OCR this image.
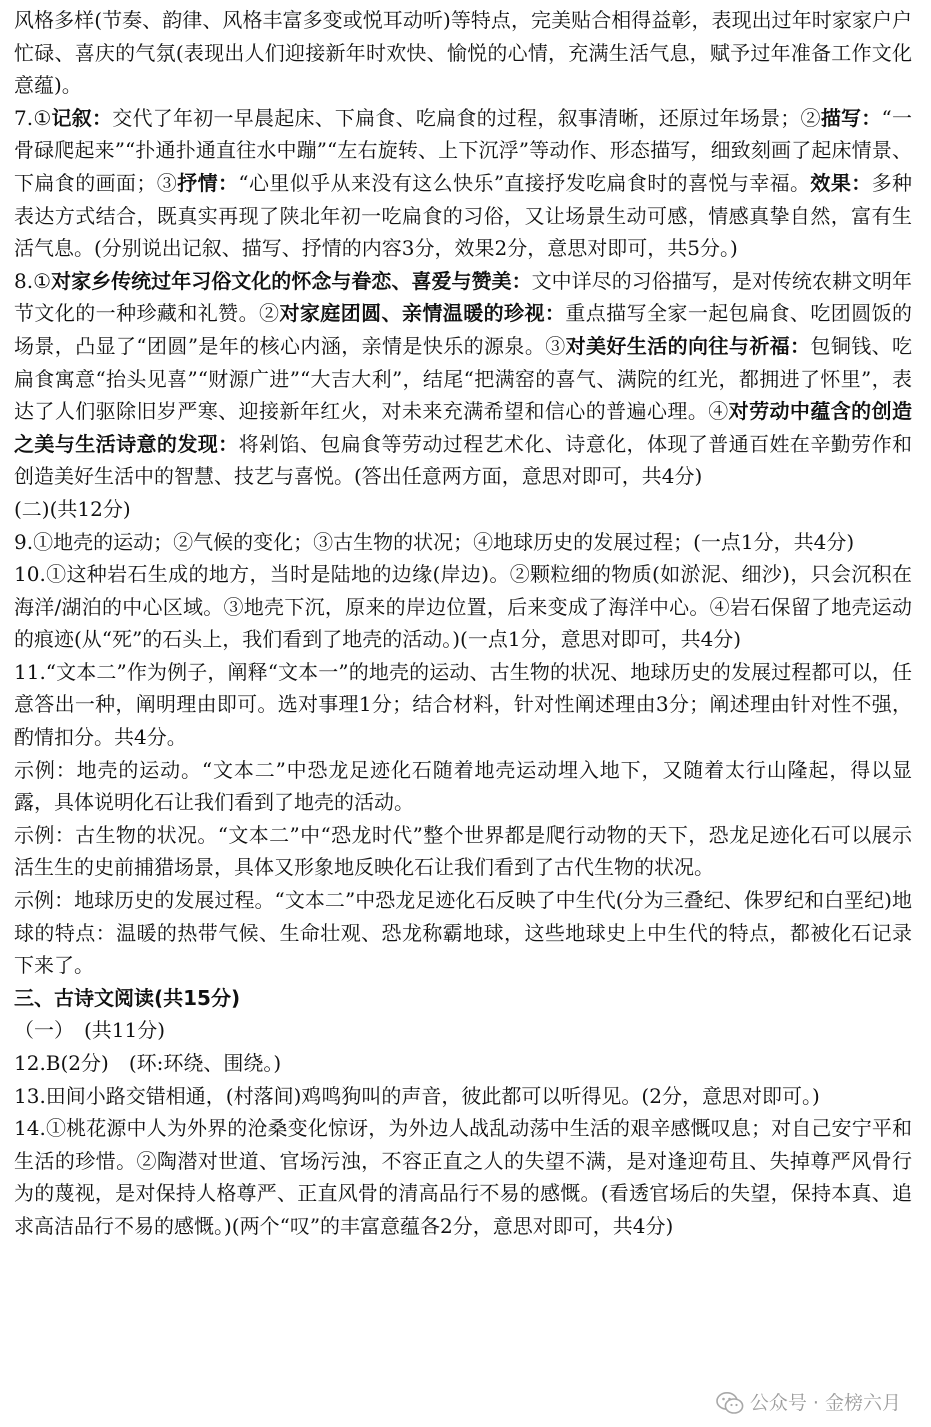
风格多样(节奏、韵律、风格丰富多变或悦耳动听)等特点，完美贴合相得益彰，表现出过年时家家户户忙碌、喜庆的气氛(表现出人们迎接新年时欢快、愉悦的心情，充满生活气息，赋予过年准备工作文化意蕴)。
7.①记叙：交代了年初一早晨起床、下扁食、吃扁食的过程，叙事清晰，还原过年场景；②描写：“一骨碌爬起来”“扑通扑通直往水中蹦”“左右旋转、上下沉浮”等动作、形态描写，细致刻画了起床情景、下扁食的画面；③抒情：“心里似乎从来没有这么快乐”直接抒发吃扁食时的喜悦与幸福。效果：多种表达方式结合，既真实再现了陕北年初一吃扁食的习俗，又让场景生动可感，情感真挚自然，富有生活气息。(分别说出记叙、描写、抒情的内容3分，效果2分，意思对即可，共5分。)
8.①对家乡传统过年习俗文化的怀念与眷恋、喜爱与赞美：文中详尽的习俗描写，是对传统农耕文明年节文化的一种珍藏和礼赞。②对家庭团圆、亲情温暖的珍视：重点描写全家一起包扁食、吃团圆饭的场景，凸显了“团圆”是年的核心内涵，亲情是快乐的源泉。③对美好生活的向往与祈福：包铜钱、吃扁食寓意“抬头见喜”“财源广进”“大吉大利”，结尾“把满窑的喜气、满院的红光，都拥进了怀里”，表达了人们驱除旧岁严寒、迎接新年红火，对未来充满希望和信心的普遍心理。④对劳动中蕴含的创造之美与生活诗意的发现：将剁馅、包扁食等劳动过程艺术化、诗意化，体现了普通百姓在辛勤劳作和创造美好生活中的智慧、技艺与喜悦。(答出任意两方面，意思对即可，共4分)
(二)(共12分)
9.①地壳的运动；②气候的变化；③古生物的状况；④地球历史的发展过程；(一点1分，共4分)
10.①这种岩石生成的地方，当时是陆地的边缘(岸边)。②颗粒细的物质(如淤泥、细沙)，只会沉积在海洋/湖泊的中心区域。③地壳下沉，原来的岸边位置，后来变成了海洋中心。④岩石保留了地壳运动的痕迹(从“死”的石头上，我们看到了地壳的活动。)(一点1分，意思对即可，共4分)
11.“文本二”作为例子，阐释“文本一”的地壳的运动、古生物的状况、地球历史的发展过程都可以，任意答出一种，阐明理由即可。选对事理1分；结合材料，针对性阐述理由3分；阐述理由针对性不强，酌情扣分。共4分。
示例：地壳的运动。“文本二”中恐龙足迹化石随着地壳运动埋入地下，又随着太行山隆起，得以显露，具体说明化石让我们看到了地壳的活动。
示例：古生物的状况。“文本二”中“恐龙时代”整个世界都是爬行动物的天下，恐龙足迹化石可以展示活生生的史前捕猎场景，具体又形象地反映化石让我们看到了古代生物的状况。
示例：地球历史的发展过程。“文本二”中恐龙足迹化石反映了中生代(分为三叠纪、侏罗纪和白垩纪)地球的特点：温暖的热带气候、生命壮观、恐龙称霸地球，这些地球史上中生代的特点，都被化石记录下来了。
三、古诗文阅读(共15分)
（一）　(共11分)
12.B(2分)　(环:环绕、围绕。)
13.田间小路交错相通，(村落间)鸡鸣狗叫的声音，彼此都可以听得见。(2分，意思对即可。)
14.①桃花源中人为外界的沧桑变化惊讶，为外边人战乱动荡中生活的艰辛感慨叹息；对自己安宁平和生活的珍惜。②陶潜对世道、官场污浊，不容正直之人的失望不满，是对逢迎苟且、失掉尊严风骨行为的蔑视，是对保持人格尊严、正直风骨的清高品行不易的感慨。(看透官场后的失望，保持本真、追求高洁品行不易的感慨。)(两个“叹”的丰富意蕴各2分，意思对即可，共4分)
公众号 · 金榜六月
